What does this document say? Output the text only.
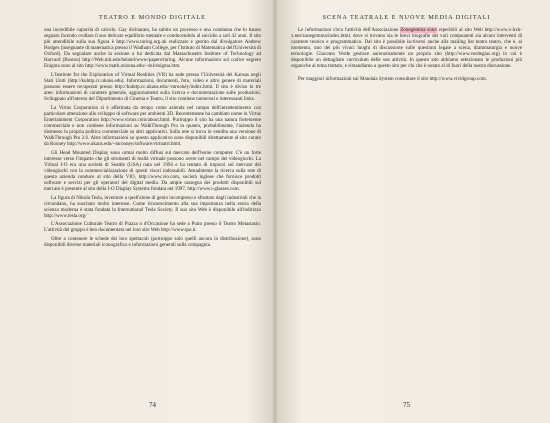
TEATRO E MONDO DIGITALE

una incredibile capacità di calcolo. Gay dichiarato, ha subito un processo e una condanna che lo hanno segnato facendo crollare il suo delicato equilibrio mentale e conducendolo al suicidio a soli 42 anni. Il sito più attendibile sulla sua figura è http://www.turing.org.uk realizzato e gestito dal divulgatore Andrew Hodges (insegnante di matematica presso il Wadham College, per l'Istituto di Matematica dell'Università di Oxford). Da segnalare anche la sezione a lui dedicata dal Massachusetts Institute of Technology ad Harvard (Boston) http://Web.mit.edu/beland/www/papers/turing. Alcune informazioni sul codice segreto Enigma sono al sito http://www.math.arizona.edu/~dsl/enigma.htm.

L'Institute for the Exploration of Virtual Realities (VR) ha sede presso l'Università del Kansas negli Stati Uniti (http://kuhttp.cc.ukans.edu). Informazioni, documenti, foto, video e altro genere di materiali possono essere recuperati presso http://kuhttp.cc.ukans.edu/~mrooney/index.html. Il sito è diviso in tre aree: informazioni di carattere generale, aggiornamenti sulla ricerca e documentazione sulle produzioni. Sviluppato all'interno del Dipartimento di Cinema e Teatro, il sito contiene numerosi e interessanti links.

La Virtus Corporation si è affermata da tempo come azienda nel campo dell'intrattenimento con particolare attenzione allo sviluppo di software per ambienti 3D. Recentemente ha cambiato nome in Virtus Entertainment Corporation http://www.virtus.com/about.html. Purtroppo il sito ha una natura fortemente commerciale e non contiene informazioni su WalkThrough Pro in quanto, probabilmente, l'azienda ha dismesso la propria politica commerciale su altri applicativi. Sulla rete si trova in vendita una versione di WalkThrough Pro 2.6. Altre informazioni su questo applicativo sono disponibili direttamente al sito curato da Rooney http://www.ukans.edu/~mrooney/software/virtuatrr.html.

Gli Head Mounted Display sono ormai molto diffusi sul mercato dell'home computer. C'è un forte interesse verso l'impatto che gli strumenti di realtà virtuale possono avere nel campo dei videogiochi. La Virtual I-O era una società di Seattle (USA) nata nel 1994 e ha tentato di imporsi sul mercato dei videogiochi con la commercializzazione di questi visori indossabili. Attualmente la ricerca sulla rete di questa azienda conduce al sito della VIO, http://www.vio.com, società inglese che fornisce prodotti software e servizi per gli operatori del digital media. Da ampie rassegna dei prodotti disponibili sul mercato è presente al sito della I-O Display Systems fondata nel 1997, http://www.i-glasses.com.

La figura di Nikola Tesla, inventore a quell'alone di genio incompreso e sfruttato dagli industriali che la circondano, ha suscitato molto interesse. Come riconoscimento alla sua importanza nella storia della scienza moderna è stata fondata la International Tesla Society. Il suo sito Web è disponibile all'indirizzo http://www.tesla.org/

L'Associazione Culturale Teatro di Piazza o d'Occasione ha sede a Prato presso il Teatro Metastasio. L'attività del gruppo è ben documentata nel loro sito Web http://www.tpo.it.

Oltre a contenere le schede dei loro spettacoli (purtroppo solo quelli ancora in distribuzione), sono disponibili diverse materiali iconografico e informazioni generali sulla compagnia.

74
SCENA TEATRALE E NUOVE MEDIA DIGITALI

Le informazioni circa l'attività dell'Associazione Zonegemma sono reperibili al sito Web http://www.x-hxh-x.net/zonegemma/index.html, dove si trovano sia le brevi biografie dei vari componenti sia alcuni interventi di carattere teorico e programmatico. Dal sito è possibile iscriversi anche alla mailing list teatro teatro, che è, al momento, uno dei più vivaci luoghi di discussione sulle questioni legate a scena, drammaturgia e nuove tecnologie. Giacomo Verde gestisce autonomamente un proprio sito (http://www.verdegiac.org) in cui è disponibile un dettagliato curriculum delle sue attività. In questo sito abbiamo selezionato le produzioni più organiche al tema trattato, e rimandiamo a questo sito per chi che è notato al di fuori della nostra discussione.

Per maggiori informazioni sul Mandala System consultare il sito http://www.vividgroup.com.

75
